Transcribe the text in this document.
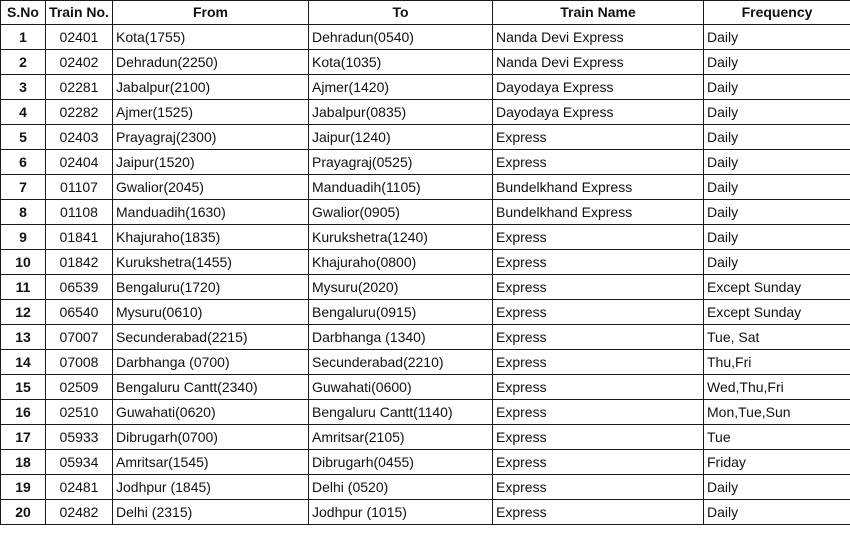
S.No	Train No.	From	To	Train Name	Frequency
1	02401	Kota(1755)	Dehradun(0540)	Nanda Devi Express	Daily
2	02402	Dehradun(2250)	Kota(1035)	Nanda Devi Express	Daily
3	02281	Jabalpur(2100)	Ajmer(1420)	Dayodaya Express	Daily
4	02282	Ajmer(1525)	Jabalpur(0835)	Dayodaya Express	Daily
5	02403	Prayagraj(2300)	Jaipur(1240)	Express	Daily
6	02404	Jaipur(1520)	Prayagraj(0525)	Express	Daily
7	01107	Gwalior(2045)	Manduadih(1105)	Bundelkhand Express	Daily
8	01108	Manduadih(1630)	Gwalior(0905)	Bundelkhand Express	Daily
9	01841	Khajuraho(1835)	Kurukshetra(1240)	Express	Daily
10	01842	Kurukshetra(1455)	Khajuraho(0800)	Express	Daily
11	06539	Bengaluru(1720)	Mysuru(2020)	Express	Except Sunday
12	06540	Mysuru(0610)	Bengaluru(0915)	Express	Except Sunday
13	07007	Secunderabad(2215)	Darbhanga (1340)	Express	Tue, Sat
14	07008	Darbhanga (0700)	Secunderabad(2210)	Express	Thu,Fri
15	02509	Bengaluru Cantt(2340)	Guwahati(0600)	Express	Wed,Thu,Fri
16	02510	Guwahati(0620)	Bengaluru Cantt(1140)	Express	Mon,Tue,Sun
17	05933	Dibrugarh(0700)	Amritsar(2105)	Express	Tue
18	05934	Amritsar(1545)	Dibrugarh(0455)	Express	Friday
19	02481	Jodhpur (1845)	Delhi (0520)	Express	Daily
20	02482	Delhi (2315)	Jodhpur (1015)	Express	Daily
